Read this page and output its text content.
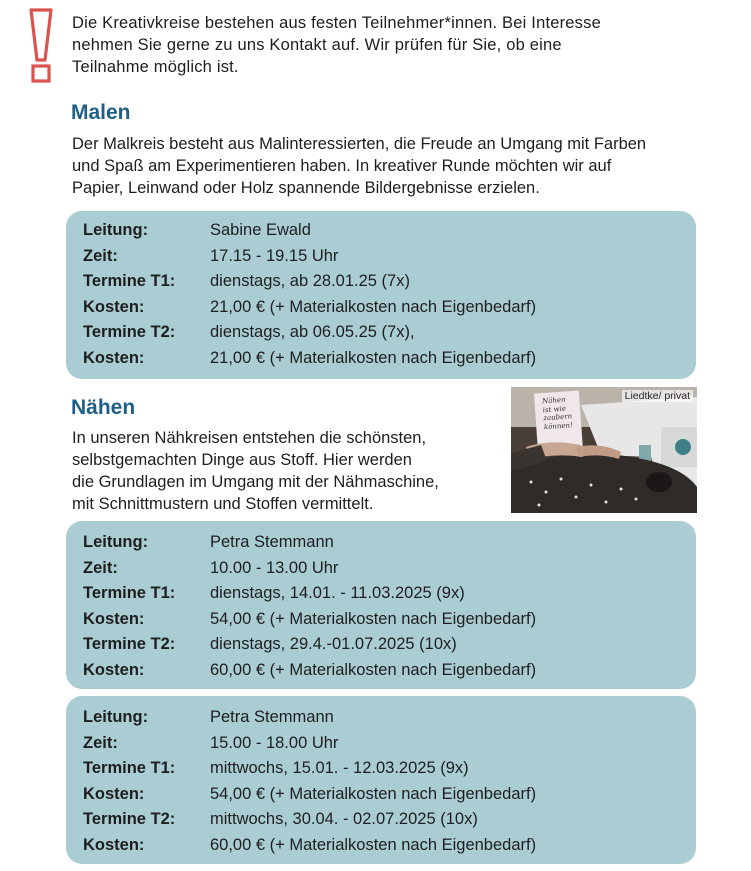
Die Kreativkreise bestehen aus festen Teilnehmer*innen. Bei Interesse
nehmen Sie gerne zu uns Kontakt auf. Wir prüfen für Sie, ob eine
Teilnahme möglich ist.
Malen
Der Malkreis besteht aus Malinteressierten, die Freude an Umgang mit Farben
und Spaß am Experimentieren haben. In kreativer Runde möchten wir auf
Papier, Leinwand oder Holz spannende Bildergebnisse erzielen.
Leitung:	Sabine Ewald
Zeit:	17.15 - 19.15 Uhr
Termine T1:	dienstags, ab 28.01.25 (7x)
Kosten:	21,00 € (+ Materialkosten nach Eigenbedarf)
Termine T2:	dienstags, ab 06.05.25 (7x),
Kosten:	21,00 € (+ Materialkosten nach Eigenbedarf)
Nähen
In unseren Nähkreisen entstehen die schönsten,
selbstgemachten Dinge aus Stoff. Hier werden
die Grundlagen im Umgang mit der Nähmaschine,
mit Schnittmustern und Stoffen vermittelt.
Nähen
ist wie
zaubern
können!
Liedtke/ privat
Leitung:	Petra Stemmann
Zeit:	10.00 - 13.00 Uhr
Termine T1:	dienstags, 14.01. - 11.03.2025 (9x)
Kosten:	54,00 € (+ Materialkosten nach Eigenbedarf)
Termine T2:	dienstags, 29.4.-01.07.2025 (10x)
Kosten:	60,00 € (+ Materialkosten nach Eigenbedarf)
Leitung:	Petra Stemmann
Zeit:	15.00 - 18.00 Uhr
Termine T1:	mittwochs, 15.01. - 12.03.2025 (9x)
Kosten:	54,00 € (+ Materialkosten nach Eigenbedarf)
Termine T2:	mittwochs, 30.04. - 02.07.2025 (10x)
Kosten:	60,00 € (+ Materialkosten nach Eigenbedarf)
